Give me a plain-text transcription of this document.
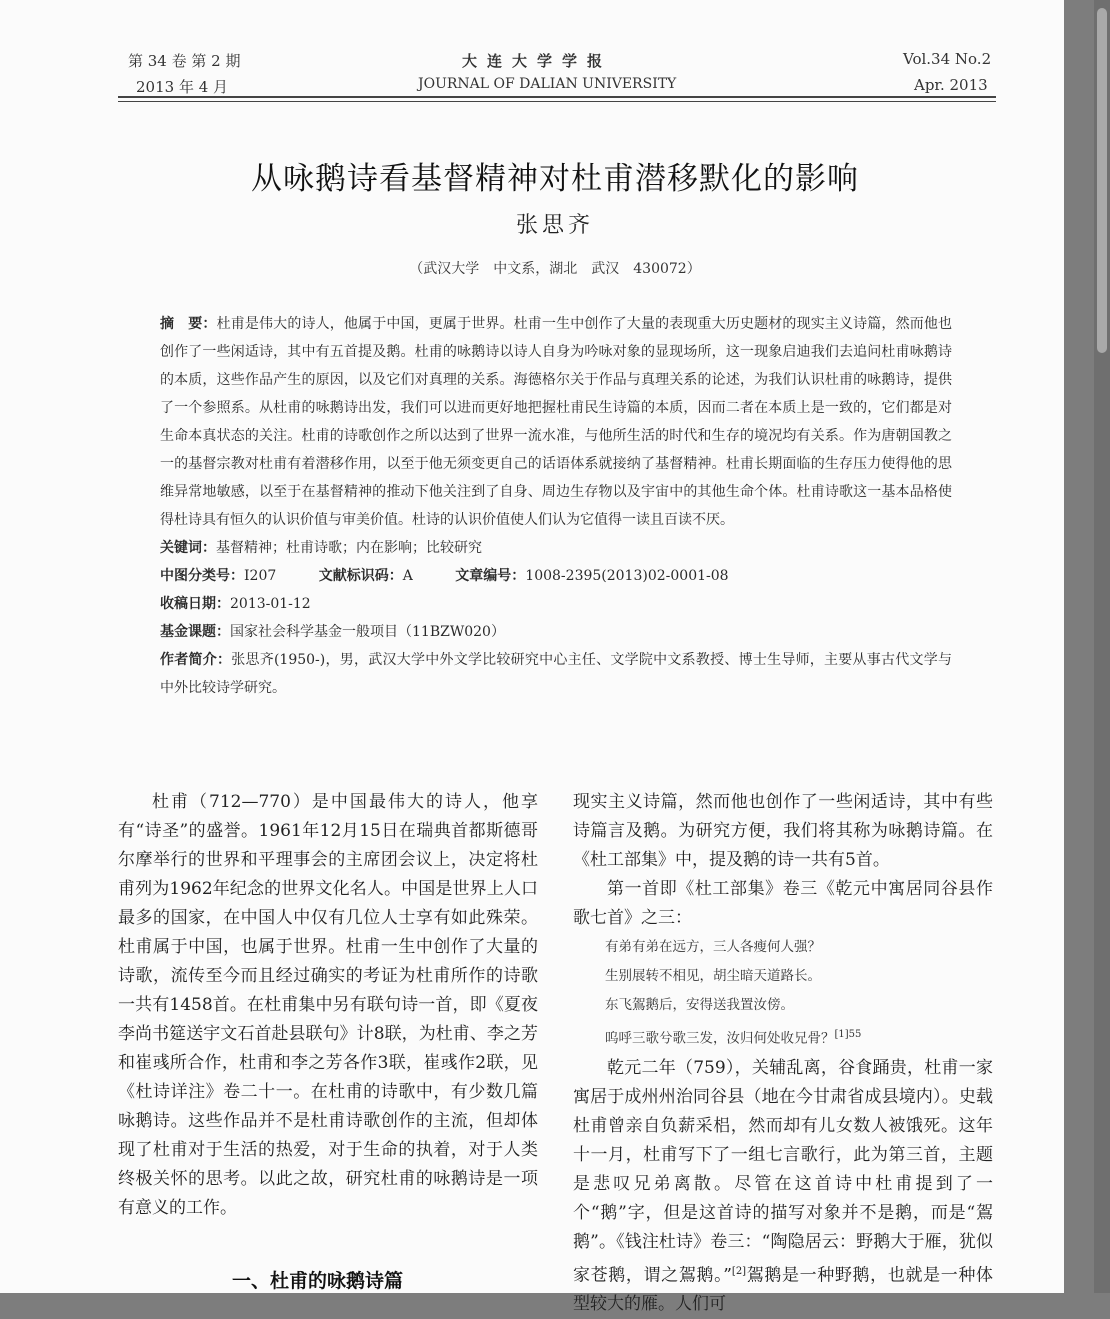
第 34 卷 第 2 期
2013 年 4 月
大连大学学报
JOURNAL OF DALIAN UNIVERSITY
Vol.34 No.2
Apr. 2013
从咏鹅诗看基督精神对杜甫潜移默化的影响
张思齐
（武汉大学　中文系，湖北　武汉　430072）
摘　要：杜甫是伟大的诗人，他属于中国，更属于世界。杜甫一生中创作了大量的表现重大历史题材的现实主义诗篇，然而他也创作了一些闲适诗，其中有五首提及鹅。杜甫的咏鹅诗以诗人自身为吟咏对象的显现场所，这一现象启迪我们去追问杜甫咏鹅诗的本质，这些作品产生的原因，以及它们对真理的关系。海德格尔关于作品与真理关系的论述，为我们认识杜甫的咏鹅诗，提供了一个参照系。从杜甫的咏鹅诗出发，我们可以进而更好地把握杜甫民生诗篇的本质，因而二者在本质上是一致的，它们都是对生命本真状态的关注。杜甫的诗歌创作之所以达到了世界一流水准，与他所生活的时代和生存的境况均有关系。作为唐朝国教之一的基督宗教对杜甫有着潜移作用，以至于他无须变更自己的话语体系就接纳了基督精神。杜甫长期面临的生存压力使得他的思维异常地敏感，以至于在基督精神的推动下他关注到了自身、周边生存物以及宇宙中的其他生命个体。杜甫诗歌这一基本品格使得杜诗具有恒久的认识价值与审美价值。杜诗的认识价值使人们认为它值得一读且百读不厌。
关键词：基督精神；杜甫诗歌；内在影响；比较研究
中图分类号：I207	文献标识码：A	文章编号：1008-2395(2013)02-0001-08
收稿日期：2013-01-12
基金课题：国家社会科学基金一般项目（11BZW020）
作者简介：张思齐(1950-)，男，武汉大学中外文学比较研究中心主任、文学院中文系教授、博士生导师，主要从事古代文学与中外比较诗学研究。

杜甫（712—770）是中国最伟大的诗人，他享有“诗圣”的盛誉。1961年12月15日在瑞典首都斯德哥尔摩举行的世界和平理事会的主席团会议上，决定将杜甫列为1962年纪念的世界文化名人。中国是世界上人口最多的国家，在中国人中仅有几位人士享有如此殊荣。杜甫属于中国，也属于世界。杜甫一生中创作了大量的诗歌，流传至今而且经过确实的考证为杜甫所作的诗歌一共有1458首。在杜甫集中另有联句诗一首，即《夏夜李尚书筵送宇文石首赴县联句》计8联，为杜甫、李之芳和崔彧所合作，杜甫和李之芳各作3联，崔彧作2联，见《杜诗详注》卷二十一。在杜甫的诗歌中，有少数几篇咏鹅诗。这些作品并不是杜甫诗歌创作的主流，但却体现了杜甫对于生活的热爱，对于生命的执着，对于人类终极关怀的思考。以此之故，研究杜甫的咏鹅诗是一项有意义的工作。

一、杜甫的咏鹅诗篇

现实主义诗篇，然而他也创作了一些闲适诗，其中有些诗篇言及鹅。为研究方便，我们将其称为咏鹅诗篇。在《杜工部集》中，提及鹅的诗一共有5首。

第一首即《杜工部集》卷三《乾元中寓居同谷县作歌七首》之三：

有弟有弟在远方，三人各瘦何人强？
生别展转不相见，胡尘暗天道路长。
东飞鴐鹅后，安得送我置汝傍。
呜呼三歌兮歌三发，汝归何处收兄骨？$^{[1]55}$

乾元二年（759），关辅乱离，谷食踊贵，杜甫一家寓居于成州州治同谷县（地在今甘肃省成县境内）。史载杜甫曾亲自负薪采梠，然而却有儿女数人被饿死。这年十一月，杜甫写下了一组七言歌行，此为第三首，主题是悲叹兄弟离散。尽管在这首诗中杜甫提到了一个“鹅”字，但是这首诗的描写对象并不是鹅，而是“鴐鹅”。《钱注杜诗》卷三：“陶隐居云：野鹅大于雁，犹似家苍鹅，谓之鴐鹅。”[2]鴐鹅是一种野鹅，也就是一种体型较大的雁。人们可
